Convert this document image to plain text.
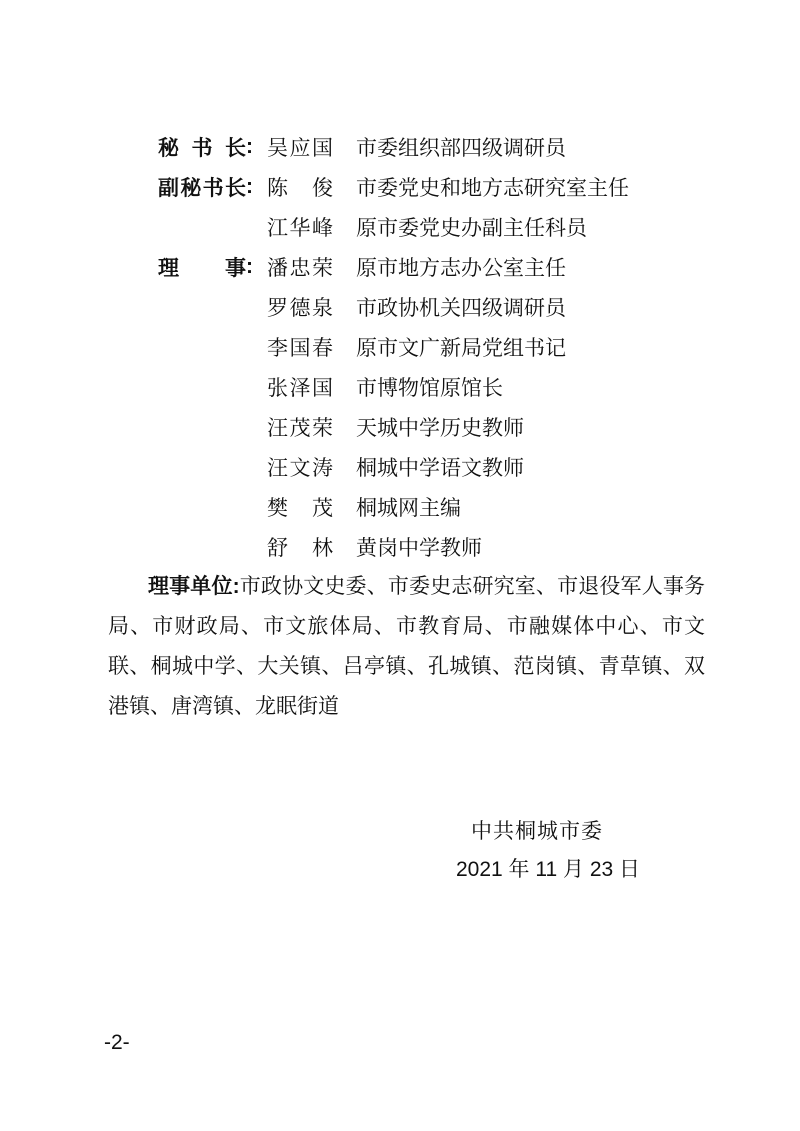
秘书长 : 吴应国 市委组织部四级调研员
副秘书长 : 陈俊 市委党史和地方志研究室主任
江华峰 原市委党史办副主任科员
理事 : 潘忠荣 原市地方志办公室主任
罗德泉 市政协机关四级调研员
李国春 原市文广新局党组书记
张泽国 市博物馆原馆长
汪茂荣 天城中学历史教师
汪文涛 桐城中学语文教师
樊茂 桐城网主编
舒林 黄岗中学教师
理事单位:市政协文史委、市委史志研究室、市退役军人事务局、市财政局、市文旅体局、市教育局、市融媒体中心、市文联、桐城中学、大关镇、吕亭镇、孔城镇、范岗镇、青草镇、双港镇、唐湾镇、龙眠街道
中共桐城市委
2021 年 11 月 23 日
-2-
